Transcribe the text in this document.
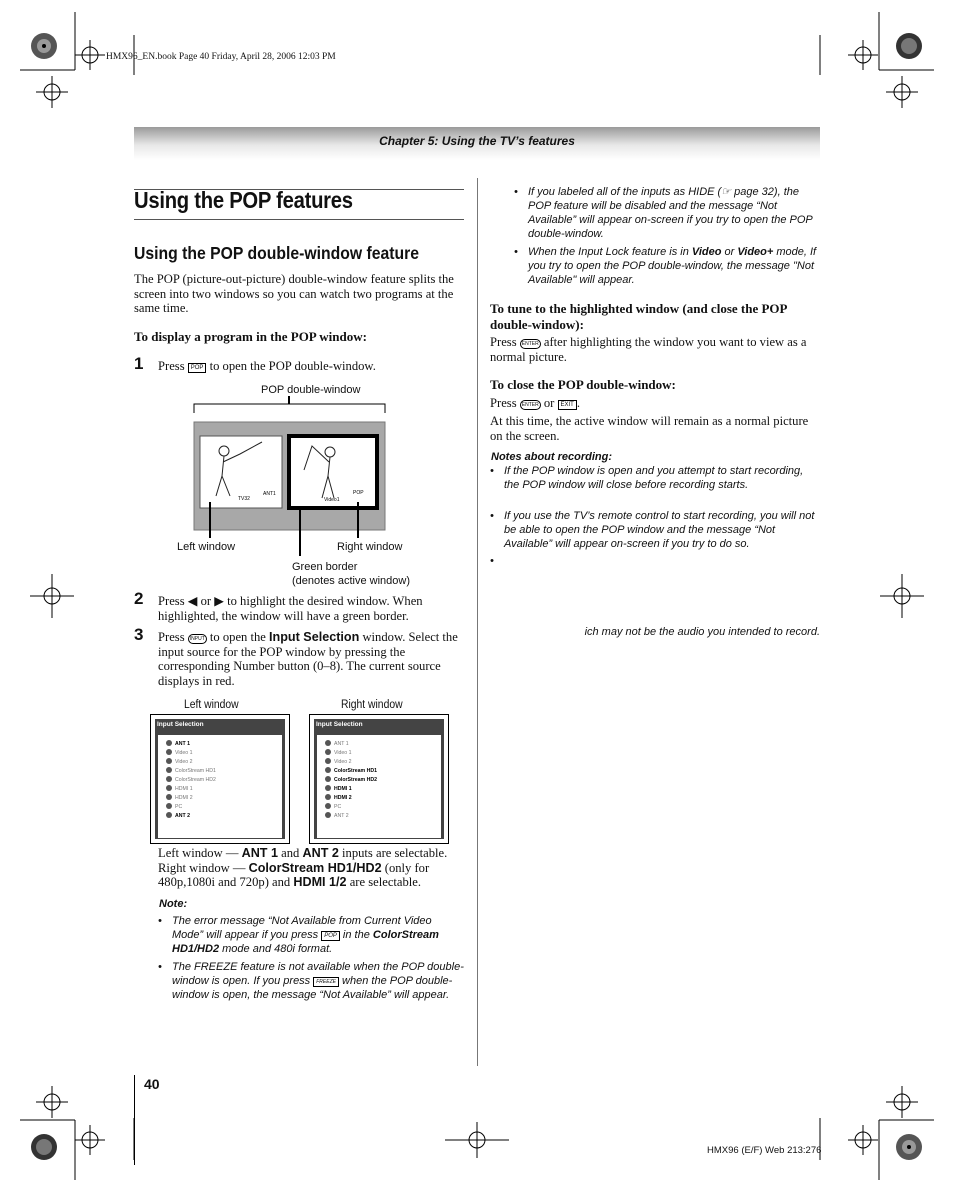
HMX96_EN.book Page 40 Friday, April 28, 2006 12:03 PM
Chapter 5: Using the TV’s features
Using the POP features
Using the POP double-window feature

The POP (picture-out-picture) double-window feature splits the screen into two windows so you can watch two programs at the same time.

To display a program in the POP window:

1 Press POP to open the POP double-window.

POP double-window
ANT1
TV32
POP
Video1
Left window	Right window
Green border
(denotes active window)
2 Press ◀ or ▶ to highlight the desired window. When highlighted, the window will have a green border.

3 Press INPUT to open the Input Selection window. Select the input source for the POP window by pressing the corresponding Number button (0–8). The current source displays in red.

Left window	Right window
Input Selection
ANT 1
Video 1
Video 2
ColorStream HD1
ColorStream HD2
HDMI 1
HDMI 2
PC
ANT 2
0 - 8 / INPUT to Select
Input Selection
ANT 1
Video 1
Video 2
ColorStream HD1
ColorStream HD2
HDMI 1
HDMI 2
PC
ANT 2
0 - 8 / INPUT to Select

Left window — ANT 1 and ANT 2 inputs are selectable.
Right window — ColorStream HD1/HD2 (only for
480p,1080i and 720p) and HDMI 1/2 are selectable.

Note:
• The error message “Not Available from Current Video Mode” will appear if you press POP in the ColorStream HD1/HD2 mode and 480i format.
• The FREEZE feature is not available when the POP double-window is open. If you press FREEZE when the POP double-window is open, the message “Not Available” will appear.
• If you labeled all of the inputs as HIDE (☞ page 32), the POP feature will be disabled and the message “Not Available” will appear on-screen if you try to open the POP double-window.
• When the Input Lock feature is in Video or Video+ mode, If you try to open the POP double-window, the message "Not Available" will appear.

To tune to the highlighted window (and close the POP double-window):

Press ENTER after highlighting the window you want to view as a normal picture.

To close the POP double-window:

Press ENTER or EXIT .

At this time, the active window will remain as a normal picture on the screen.

Notes about recording:
• If the POP window is open and you attempt to start recording, the POP window will close before recording starts.
• If you use the TV’s remote control to start recording, you will not be able to open the POP window and the message “Not Available” will appear on-screen if you try to do so.
•
ich may not be the audio you intended to record.
40
HMX96 (E/F) Web 213:276
